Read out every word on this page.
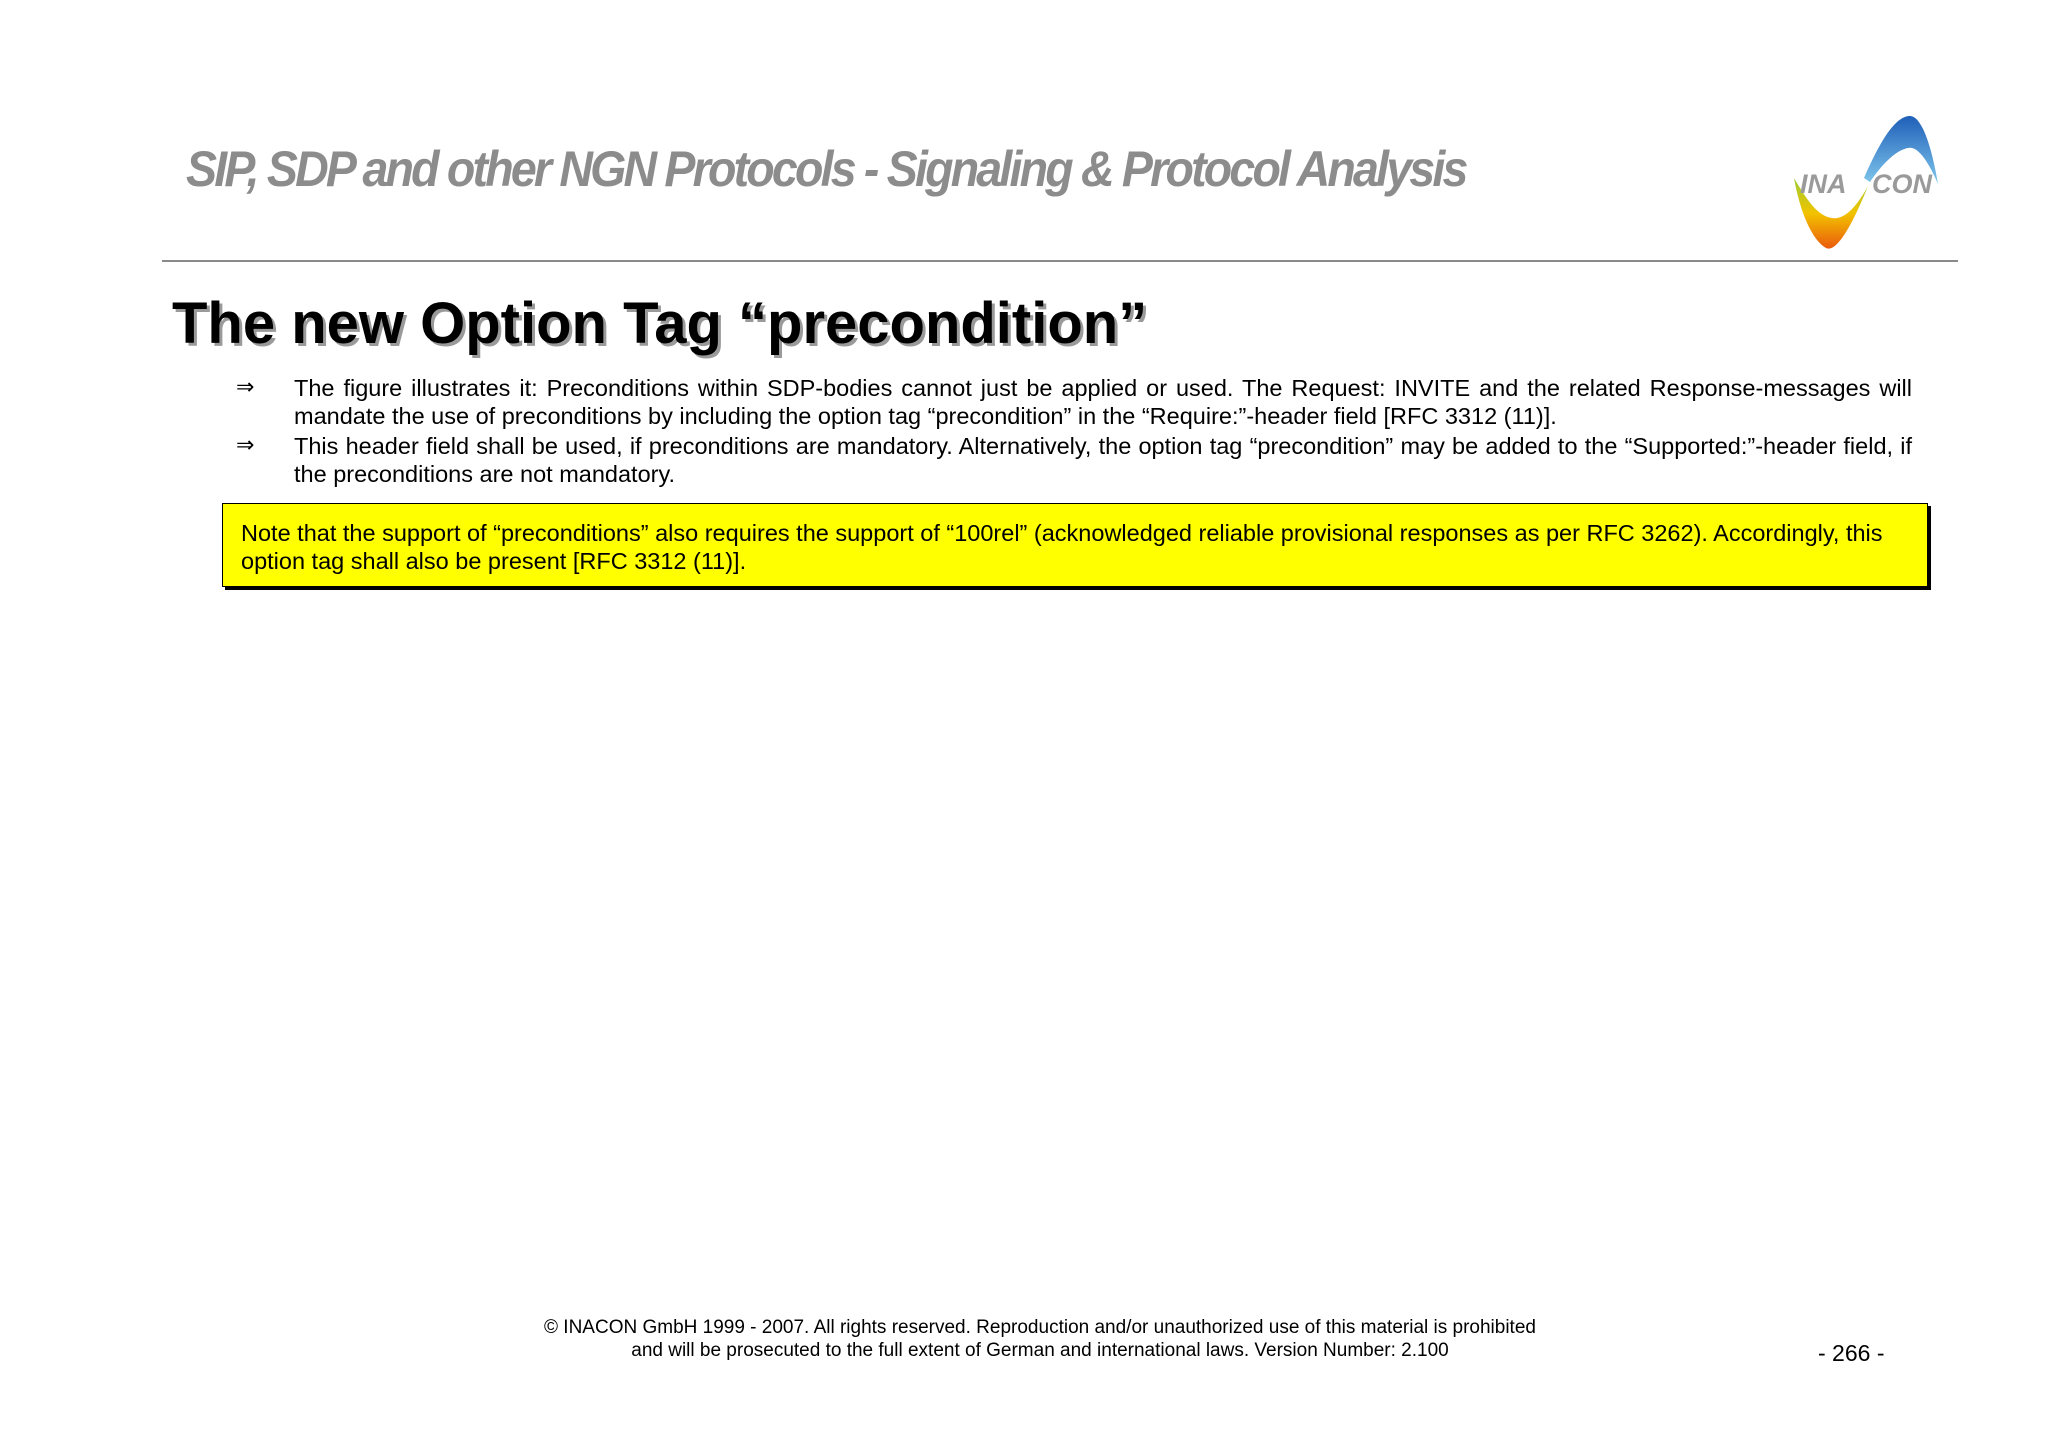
SIP, SDP and other NGN Protocols - Signaling & Protocol Analysis	INA CON
The new Option Tag “precondition”
⇒ The figure illustrates it: Preconditions within SDP-bodies cannot just be applied or used. The Request: INVITE and the related Response-messages will mandate the use of preconditions by including the option tag “precondition” in the “Require:”-header field [RFC 3312 (11)].
⇒ This header field shall be used, if preconditions are mandatory. Alternatively, the option tag “precondition” may be added to the “Supported:”-header field, if the preconditions are not mandatory.
Note that the support of “preconditions” also requires the support of “100rel” (acknowledged reliable provisional responses as per RFC 3262). Accordingly, this option tag shall also be present [RFC 3312 (11)].
© INACON GmbH 1999 - 2007. All rights reserved. Reproduction and/or unauthorized use of this material is prohibited
and will be prosecuted to the full extent of German and international laws. Version Number: 2.100	- 266 -
